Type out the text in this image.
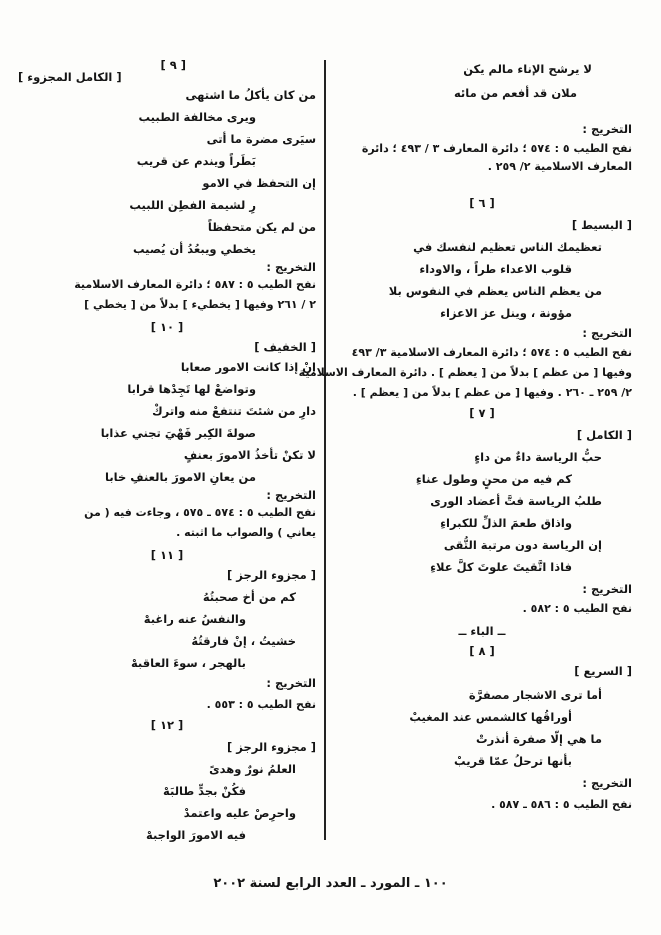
لا يرشح الإناء مالم يكن
ملان قد أفعم من مائه
التخريج :
نفح الطيب ٥ : ٥٧٤ ؛ دائرة المعارف ٣ / ٤٩٣ ؛ دائرة
المعارف الاسلامية ٢/ ٢٥٩ .
[ ٦ ]
[ البسيط ]
تعظيمك الناس تعظيم لنفسك في
قلوب الاعداء طراً ، والاوداء
من يعظم الناس يعظم في النفوس بلا
مؤونة ، وينل عز الاعزاء
التخريج :
نفح الطيب ٥ : ٥٧٤ ؛ دائرة المعارف الاسلامية ٣/ ٤٩٣
وفيها [ من عظم ] بدلاً من [ يعظم ] . دائرة المعارف الاسلامية
٢/ ٢٥٩ ـ ٢٦٠ . وفيها [ من عظم ] بدلاً من [ يعظم ] .
[ ٧ ]
[ الكامل ]
حبُّ الرياسة داءٌ من داءٍ
كم فيه من محنٍ وطول عناءِ
طلبُ الرياسة فتَّ أعضاد الورى
واذاق طعمَ الذلِّ للكبراءِ
إن الرياسة دون مرتبة التُّقى
فاذا اتَّقيتَ علوتَ كلَّ علاءِ
التخريج :
نفح الطيب ٥ : ٥٨٢ .
ــ الباء ــ
[ ٨ ]
[ السريع ]
أما ترى الاشجار مصفرَّة
أوراقُها كالشمس عند المغيبْ
ما هي إلّا صفرة أنذرتْ
بأنها ترحلُ عمّا قريبْ
التخريج :
نفح الطيب ٥ : ٥٨٦ ـ ٥٨٧ .
[ ٩ ]
[ الكامل المجزوء ]
من كان يأكلُ ما اشتهى
ويرى مخالفة الطبيب
سيَرى مضرة ما أتى
بَطَراً ويندم عن قريب
إن التحفظ في الامو
رِ لشيمة الفطِن اللبيب
من لم يكن متحفظاً
يخطي ويبعُدُ أن يُصيب
التخريج :
نفح الطيب ٥ : ٥٨٧ ؛ دائرة المعارف الاسلامية
٢ / ٢٦١ وفيها [ يخطيء ] بدلاً من [ يخطي ]
[ ١٠ ]
[ الخفيف ]
إنْ إذا كانت الامور صعابا
وتواضعْ لها تَجِدْها قرابا
دارِ من شئتَ تنتفعْ منه واتركْ
صولةَ الكِبر فَهْيَ تجني عذابا
لا تكنْ تأخذُ الامورَ بعنفٍ
من يعانِ الامورَ بالعنفِ خابا
التخريج :
نفح الطيب ٥ : ٥٧٤ ـ ٥٧٥ ، وجاءت فيه ( من
يعاني ) والصواب ما اثبته .
[ ١١ ]
[ مجزوء الرجز ]
كم من أخ صحبتُهُ
والنفسُ عنه راغبهْ
خشيتُ ، إنْ فارقتُهُ
بالهجر ، سوءَ العاقبهْ
التخريج :
نفح الطيب ٥ : ٥٥٣ .
[ ١٢ ]
[ مجزوء الرجز ]
العلمُ نورٌ وهدىً
فكُنْ بجدٍّ طالبَهْ
واحرِصْ عليه واعتمدْ
فيه الامورَ الواجبهْ
١٠٠ ـ المورد ـ العدد الرابع لسنة ٢٠٠٢
